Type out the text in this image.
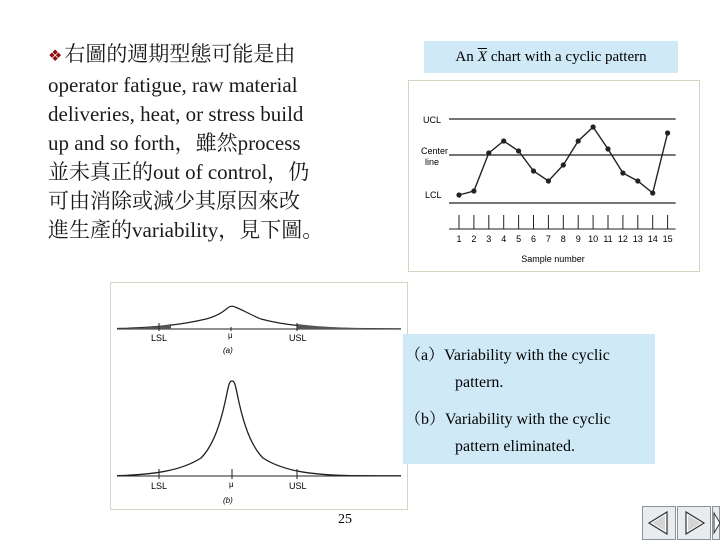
❖右圖的週期型態可能是由
operator fatigue, raw material
deliveries, heat, or stress build
up and so forth，雖然process
並未真正的out of control，仍
可由消除或減少其原因來改
進生產的variability，見下圖。
An $\overline{X}$ chart with a cyclic pattern
UCL
Center
line
LCL
Sample number
1 2 3 4 5 6 7 8 9 10 11 12 13 14 15
LSL	μ	USL
(a)
LSL	μ	USL
(b)
（a）Variability with the cyclic
pattern.
（b）Variability with the cyclic
pattern eliminated.
25
